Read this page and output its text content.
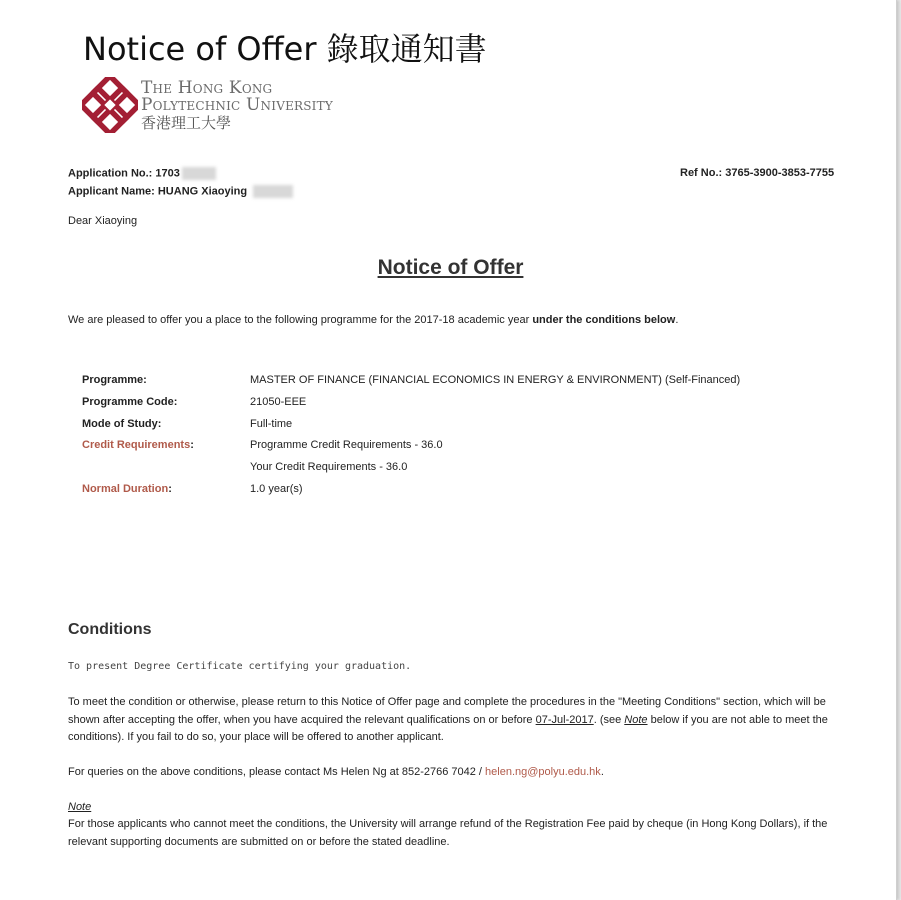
Notice of Offer 錄取通知書
The Hong Kong
Polytechnic University
香港理工大學
Application No.: 1703
Applicant Name: HUANG Xiaoying
Ref No.: 3765-3900-3853-7755
Dear Xiaoying
Notice of Offer
We are pleased to offer you a place to the following programme for the 2017-18 academic year under the conditions below.
Programme:	MASTER OF FINANCE (FINANCIAL ECONOMICS IN ENERGY & ENVIRONMENT) (Self-Financed)
Programme Code:	21050-EEE
Mode of Study:	Full-time
Credit Requirements:	Programme Credit Requirements - 36.0
Your Credit Requirements - 36.0
Normal Duration:	1.0 year(s)
Conditions
To present Degree Certificate certifying your graduation.
To meet the condition or otherwise, please return to this Notice of Offer page and complete the procedures in the "Meeting Conditions" section, which will be shown after accepting the offer, when you have acquired the relevant qualifications on or before 07-Jul-2017. (see Note below if you are not able to meet the conditions). If you fail to do so, your place will be offered to another applicant.
For queries on the above conditions, please contact Ms Helen Ng at 852-2766 7042 / helen.ng@polyu.edu.hk.
Note
For those applicants who cannot meet the conditions, the University will arrange refund of the Registration Fee paid by cheque (in Hong Kong Dollars), if the relevant supporting documents are submitted on or before the stated deadline.
